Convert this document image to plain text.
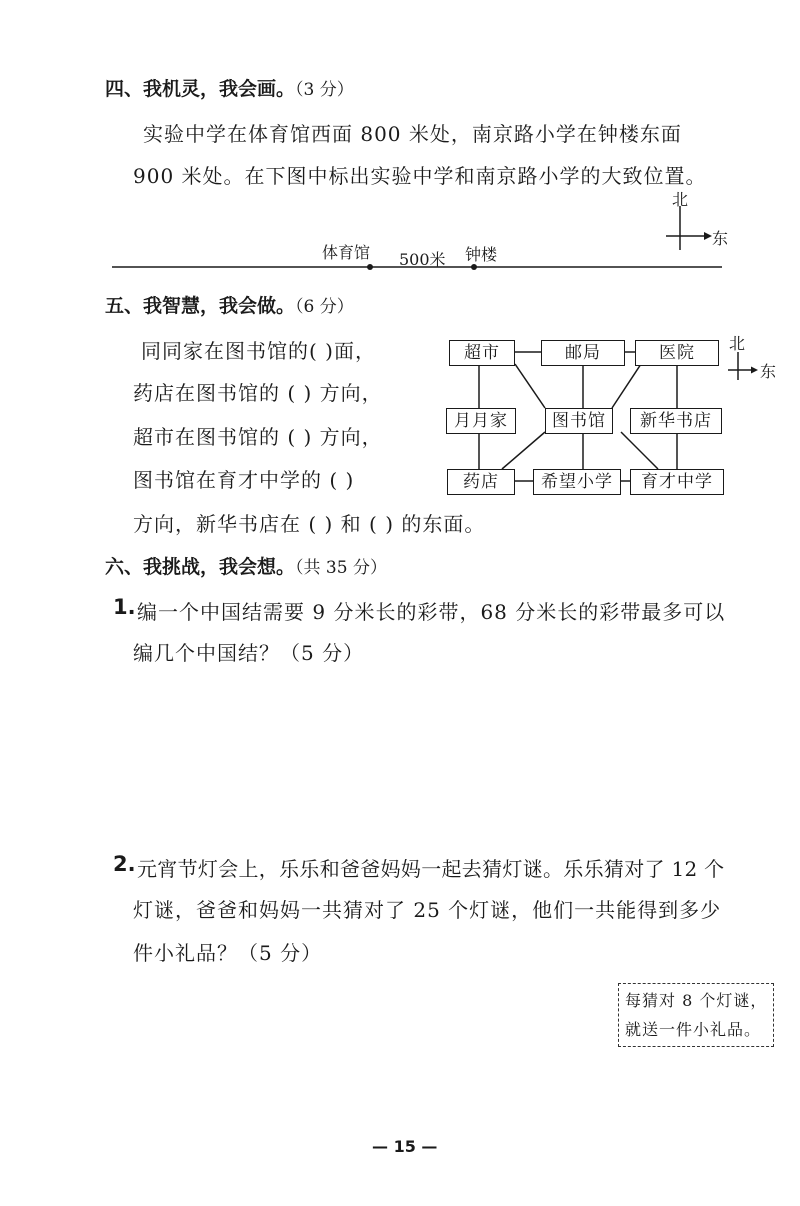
四、我机灵，我会画。（3 分）
实验中学在体育馆西面 800 米处，南京路小学在钟楼东面
900 米处。在下图中标出实验中学和南京路小学的大致位置。
北
东
体育馆 500米 钟楼
五、我智慧，我会做。（6 分）
同同家在图书馆的( )面，
药店在图书馆的 ( ) 方向，
超市在图书馆的 ( ) 方向，
图书馆在育才中学的 ( )
方向，新华书店在 ( ) 和 ( ) 的东面。
北
东
超市	邮局	医院
月月家	图书馆	新华书店
药店	希望小学	育才中学
六、我挑战，我会想。（共 35 分）
1. 编一个中国结需要 9 分米长的彩带，68 分米长的彩带最多可以
编几个中国结？（5 分）
2. 元宵节灯会上，乐乐和爸爸妈妈一起去猜灯谜。乐乐猜对了 12 个
灯谜，爸爸和妈妈一共猜对了 25 个灯谜，他们一共能得到多少
件小礼品？（5 分）
每猜对 8 个灯谜，
就送一件小礼品。
— 15 —
